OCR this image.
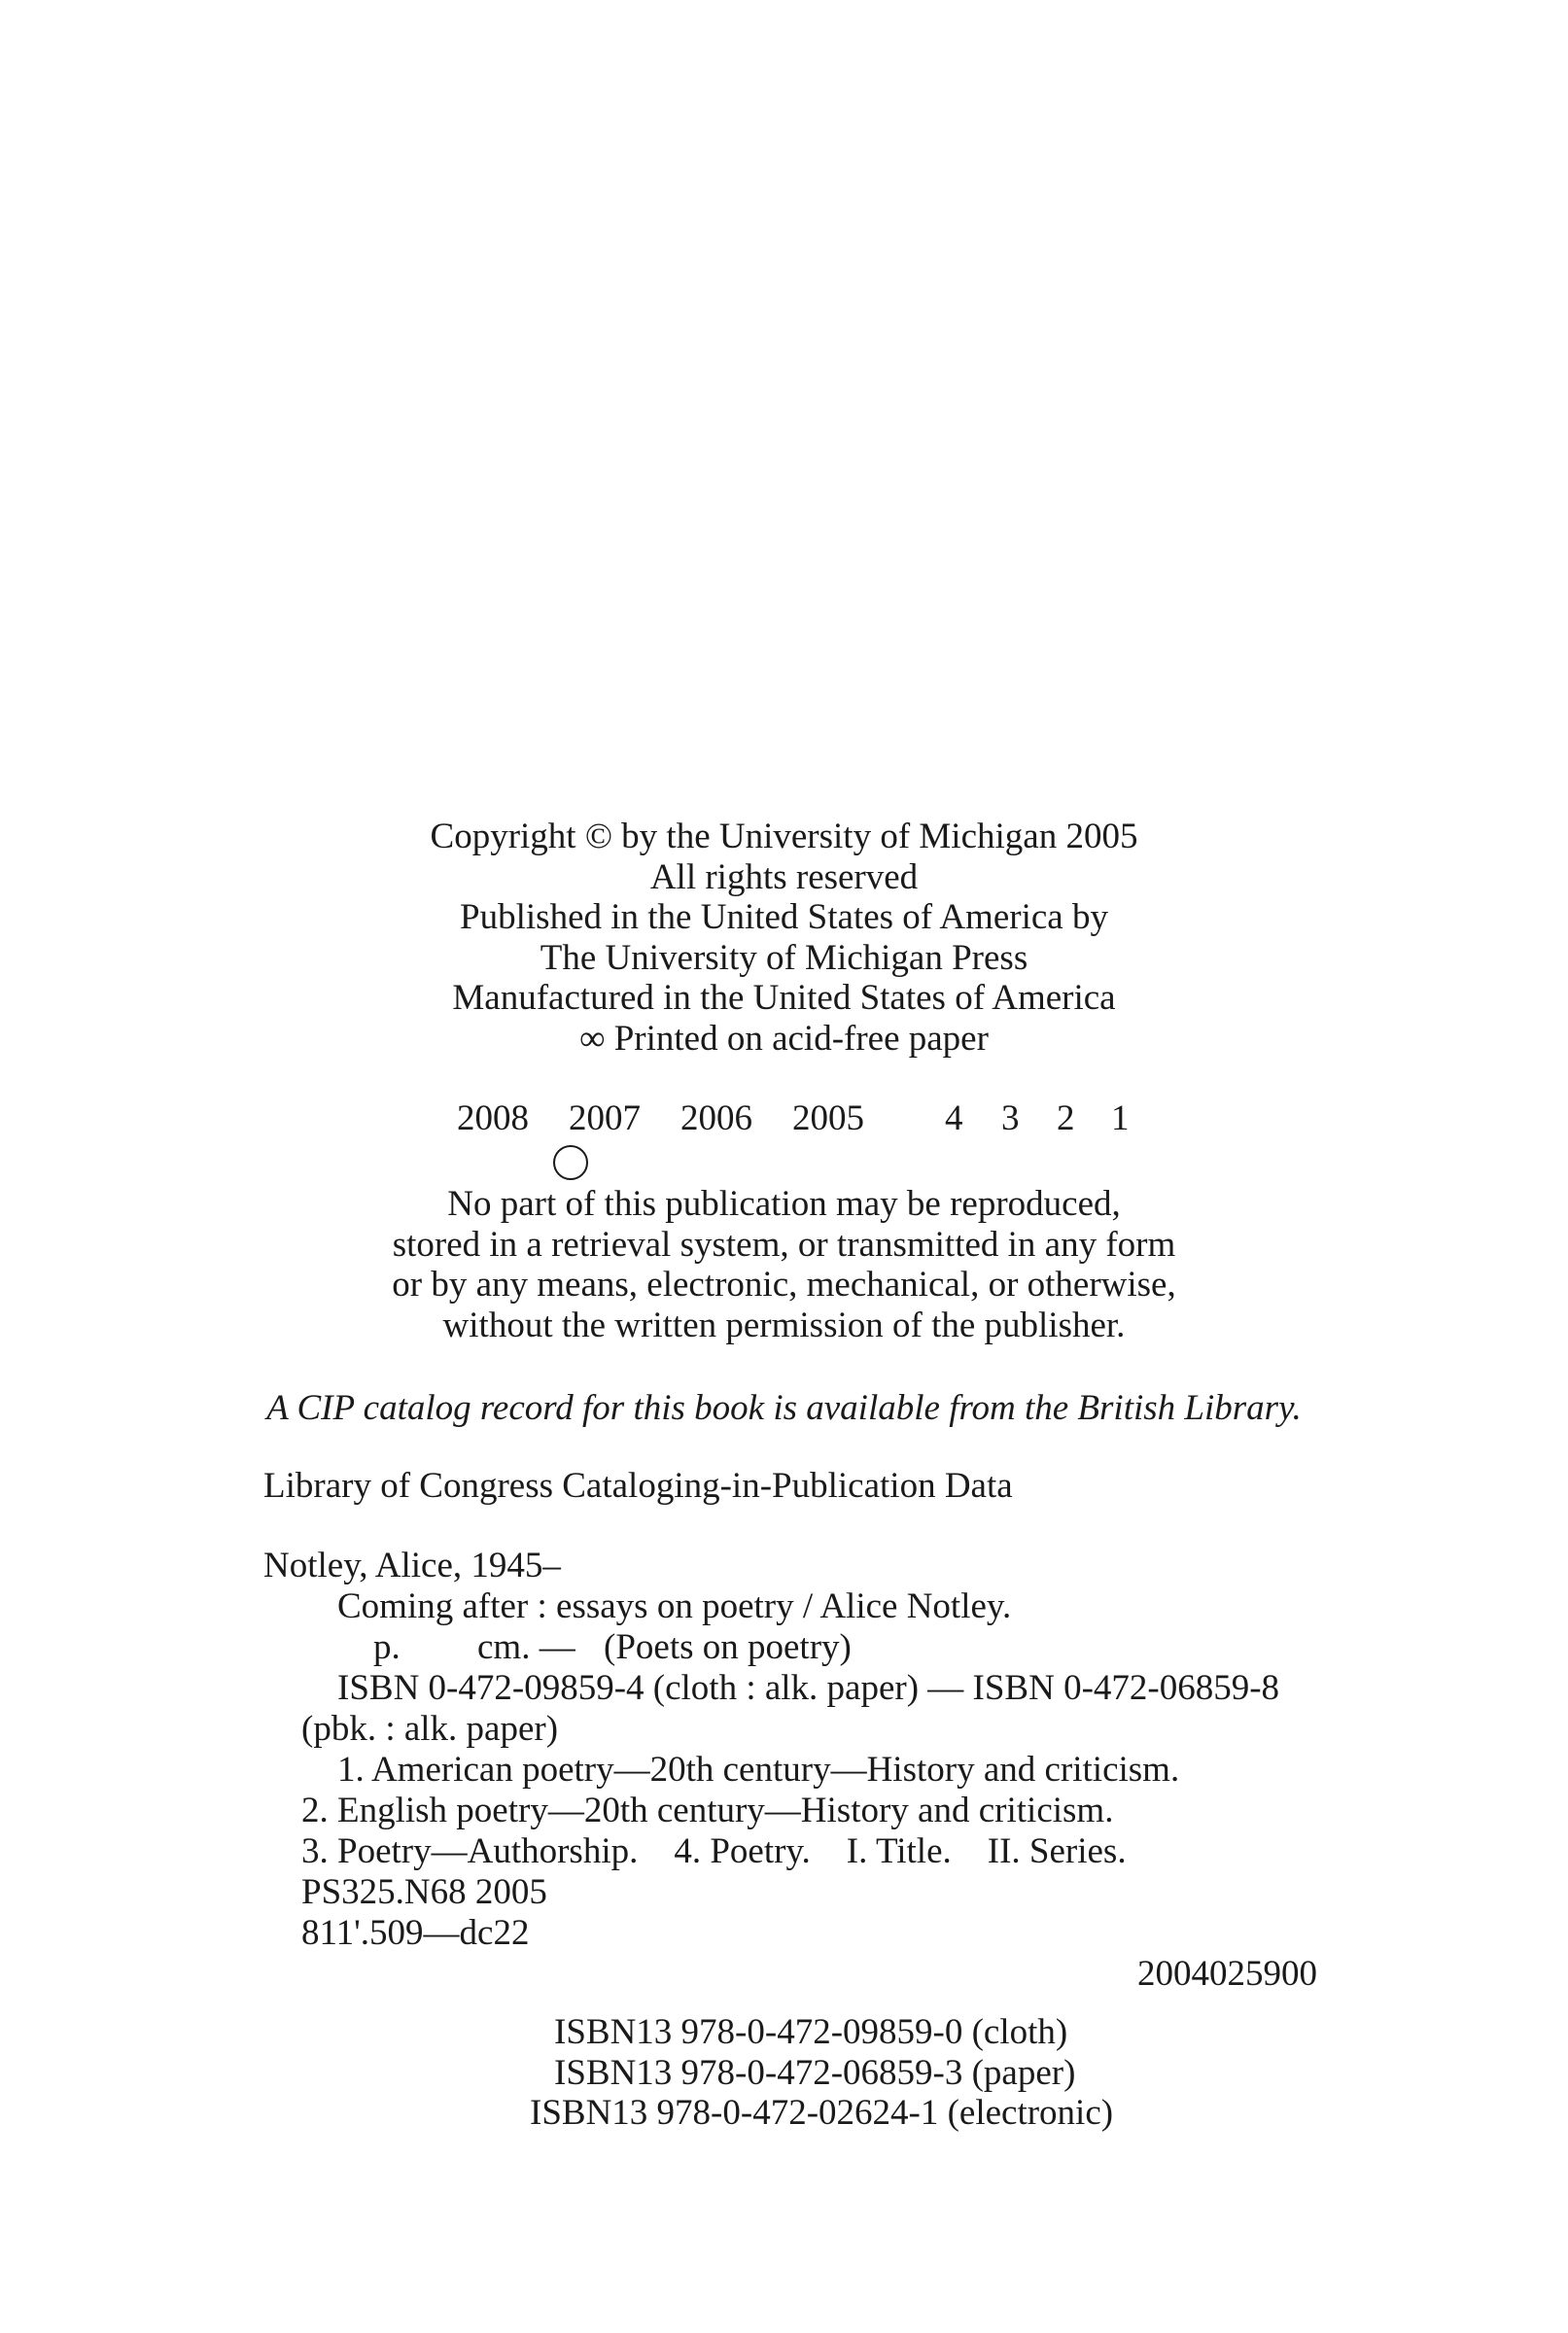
Copyright © by the University of Michigan 2005
All rights reserved
Published in the United States of America by
The University of Michigan Press
Manufactured in the United States of America
∞ Printed on acid-free paper

2008

2007

2006

2005

4

3

2

1

No part of this publication may be reproduced,
stored in a retrieval system, or transmitted in any form
or by any means, electronic, mechanical, or otherwise,
without the written permission of the publisher.
A CIP catalog record for this book is available from the British Library.
Library of Congress Cataloging-in-Publication Data
Notley, Alice, 1945–
Coming after : essays on poetry / Alice Notley.
p. cm. — (Poets on poetry)
ISBN 0-472-09859-4 (cloth : alk. paper) — ISBN 0-472-06859-8
(pbk. : alk. paper)
1. American poetry—20th century—History and criticism.
2. English poetry—20th century—History and criticism.
3. Poetry—Authorship.    4. Poetry.    I. Title.    II. Series.
PS325.N68 2005
811'.509—dc22
2004025900
ISBN13 978-0-472-09859-0 (cloth)
ISBN13 978-0-472-06859-3 (paper)
ISBN13 978-0-472-02624-1 (electronic)
